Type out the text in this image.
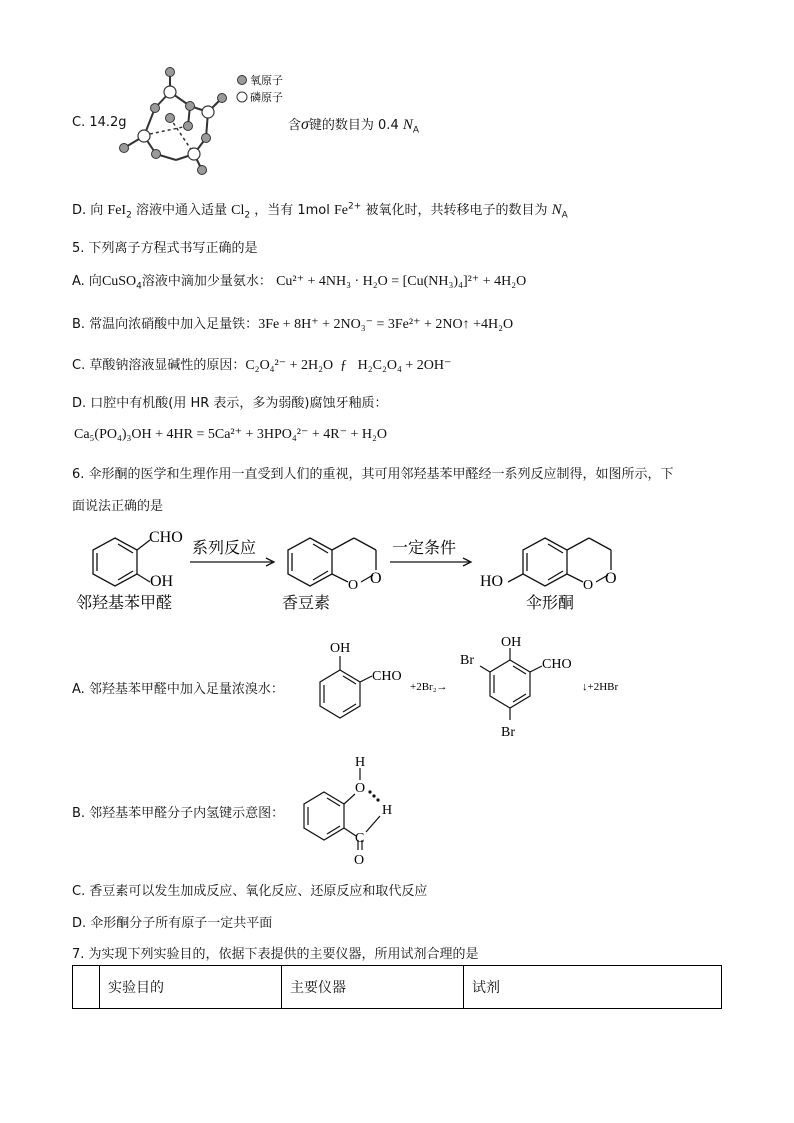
C. 14.2g
氧原子
磷原子
含σ键的数目为 0.4 $N_A$
D. 向 FeI$_2$ 溶液中通入适量 $Cl_2$ ，当有 1mol $Fe^{2+}$ 被氧化时，共转移电子的数目为 $N_A$
5. 下列离子方程式书写正确的是
A. 向CuSO$_4$溶液中滴加少量氨水： Cu²⁺ + 4NH₃ · H₂O = [Cu(NH₃)₄]²⁺ + 4H₂O
B. 常温向浓硝酸中加入足量铁：3Fe + 8H⁺ + 2NO₃⁻ = 3Fe²⁺ + 2NO↑ +4H₂O
C. 草酸钠溶液显碱性的原因：C₂O₄²⁻ + 2H₂O  ƒ   H₂C₂O₄ + 2OH⁻
D. 口腔中有机酸(用 HR 表示，多为弱酸)腐蚀牙釉质：
Ca₅(PO₄)₃OH + 4HR = 5Ca²⁺ + 3HPO₄²⁻ + 4R⁻ + H₂O
6. 伞形酮的医学和生理作用一直受到人们的重视，其可用邻羟基苯甲醛经一系列反应制得，如图所示，下
面说法正确的是
CHO
OH
系列反应
O O
一定条件
HO	O O
邻羟基苯甲醛	香豆素	伞形酮
A. 邻羟基苯甲醛中加入足量浓溴水：
OH
CHO
+2Br₂→
OH
Br	CHO
Br
↓+2HBr
B. 邻羟基苯甲醛分子内氢键示意图：
H
O
H
C
O
C. 香豆素可以发生加成反应、氧化反应、还原反应和取代反应
D. 伞形酮分子所有原子一定共平面
7. 为实现下列实验目的，依据下表提供的主要仪器，所用试剂合理的是
	实验目的	主要仪器	试剂
